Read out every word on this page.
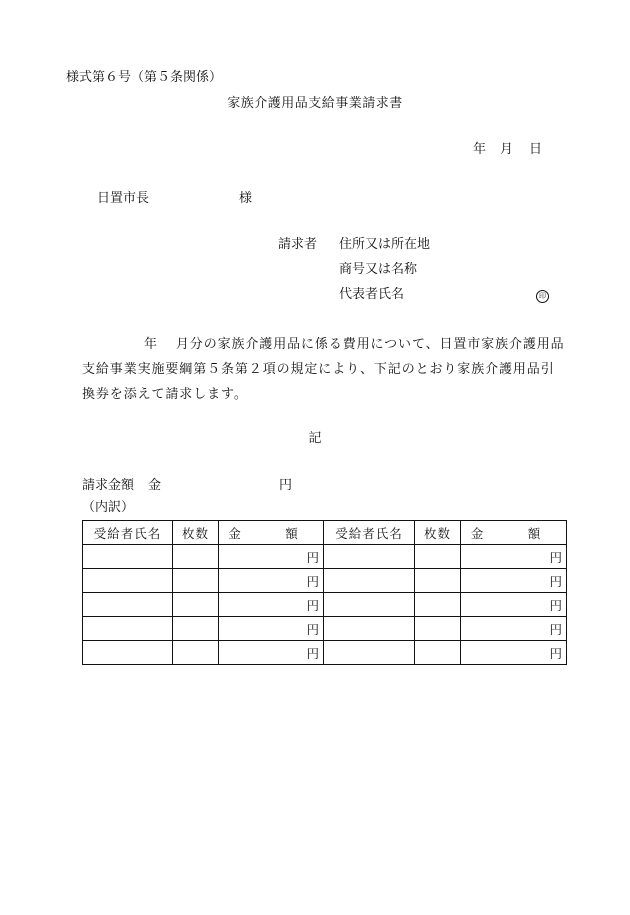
様式第６号（第５条関係）
家族介護用品支給事業請求書
年 月 日
日置市長	様
請求者 住所又は所在地
商号又は名称
代表者氏名	印
年 月分の家族介護用品に係る費用について、日置市家族介護用品支給事業実施要綱第５条第２項の規定により、下記のとおり家族介護用品引換券を添えて請求します。
記
請求金額 金	円
（内訳）
受給者氏名	枚数	金　額	受給者氏名	枚数	金　額
		円			円
		円			円
		円			円
		円			円
		円			円
